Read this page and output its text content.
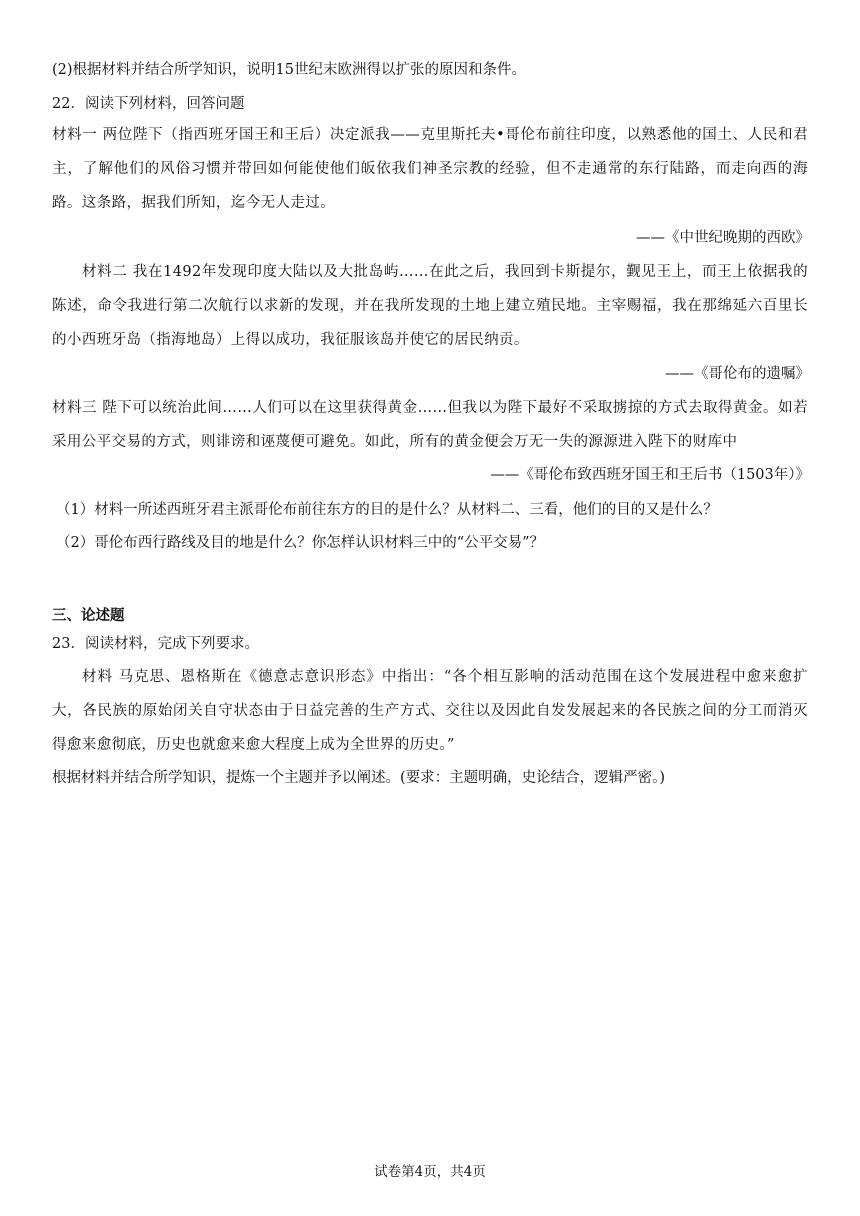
(2)根据材料并结合所学知识，说明15世纪末欧洲得以扩张的原因和条件。
22．阅读下列材料，回答问题
材料一 两位陛下（指西班牙国王和王后）决定派我——克里斯托夫•哥伦布前往印度，以熟悉他的国土、人民和君主，了解他们的风俗习惯并带回如何能使他们皈依我们神圣宗教的经验，但不走通常的东行陆路，而走向西的海路。这条路，据我们所知，迄今无人走过。
——《中世纪晚期的西欧》
材料二 我在1492年发现印度大陆以及大批岛屿……在此之后，我回到卡斯提尔，觐见王上，而王上依据我的陈述，命令我进行第二次航行以求新的发现，并在我所发现的土地上建立殖民地。主宰赐福，我在那绵延六百里长的小西班牙岛（指海地岛）上得以成功，我征服该岛并使它的居民纳贡。
——《哥伦布的遗嘱》
材料三 陛下可以统治此间……人们可以在这里获得黄金……但我以为陛下最好不采取掳掠的方式去取得黄金。如若采用公平交易的方式，则诽谤和诬蔑便可避免。如此，所有的黄金便会万无一失的源源进入陛下的财库中
——《哥伦布致西班牙国王和王后书（1503年）》
（1）材料一所述西班牙君主派哥伦布前往东方的目的是什么？从材料二、三看，他们的目的又是什么？
（2）哥伦布西行路线及目的地是什么？你怎样认识材料三中的“公平交易”？
三、论述题
23．阅读材料，完成下列要求。
材料 马克思、恩格斯在《德意志意识形态》中指出：“各个相互影响的活动范围在这个发展进程中愈来愈扩大，各民族的原始闭关自守状态由于日益完善的生产方式、交往以及因此自发发展起来的各民族之间的分工而消灭得愈来愈彻底，历史也就愈来愈大程度上成为全世界的历史。”
根据材料并结合所学知识，提炼一个主题并予以阐述。(要求：主题明确，史论结合，逻辑严密。)
试卷第4页，共4页
